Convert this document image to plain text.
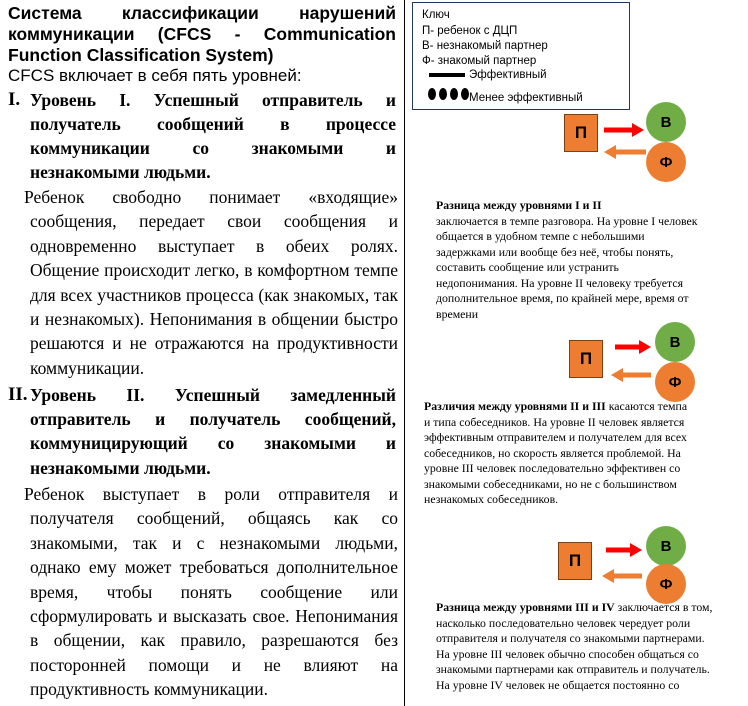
Система классификации нарушений коммуникации (CFCS - Communication Function Classification System)
CFCS включает в себя пять уровней:
I. Уровень I. Успешный отправитель и
получатель сообщений в процессе
коммуникации со знакомыми и
незнакомыми людьми.
Ребенок свободно понимает «входящие» сообщения, передает свои сообщения и одновременно выступает в обеих ролях. Общение происходит легко, в комфортном темпе для всех участников процесса (как знакомых, так и незнакомых). Непонимания в общении быстро решаются и не отражаются на продуктивности коммуникации.
II. Уровень II. Успешный замедленный
отправитель и получатель сообщений,
коммуницирующий со знакомыми и
незнакомыми людьми.
Ребенок выступает в роли отправителя и получателя сообщений, общаясь как со знакомыми, так и с незнакомыми людьми, однако ему может требоваться дополнительное время, чтобы понять сообщение или сформулировать и высказать свое. Непонимания в общении, как правило, разрешаются без посторонней помощи и не влияют на продуктивность коммуникации.
Ключ
П- ребенок с ДЦП
В- незнакомый партнер
Ф- знакомый партнер
Эффективный
Менее эффективный
П
В
Ф
Разница между уровнями I и II
заключается в темпе разговора. На уровне I человек общается в удобном темпе с небольшими задержками или вообще без неё, чтобы понять, составить сообщение или устранить недопонимания. На уровне II человеку требуется дополнительное время, по крайней мере, время от времени
П
В
Ф
Различия между уровнями II и III касаются темпа и типа собеседников. На уровне II человек является эффективным отправителем и получателем для всех собеседников, но скорость является проблемой. На уровне III человек последовательно эффективен со знакомыми собеседниками, но не с большинством незнакомых собеседников.
П
В
Ф
Разница между уровнями III и IV заключается в том, насколько последовательно человек чередует роли отправителя и получателя со знакомыми партнерами. На уровне III человек обычно способен общаться со знакомыми партнерами как отправитель и получатель. На уровне IV человек не общается постоянно со
